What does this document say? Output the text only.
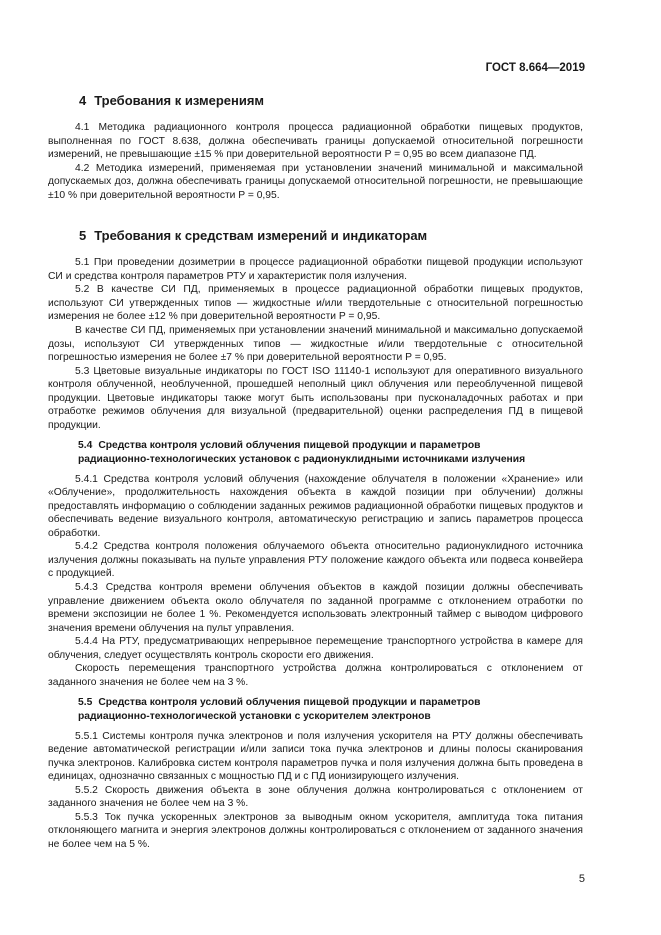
ГОСТ 8.664—2019
4 Требования к измерениям

4.1 Методика радиационного контроля процесса радиационной обработки пищевых продуктов, выполненная по ГОСТ 8.638, должна обеспечивать границы допускаемой относительной погрешности измерений, не превышающие ±15 % при доверительной вероятности P = 0,95 во всем диапазоне ПД.

4.2 Методика измерений, применяемая при установлении значений минимальной и максимальной допускаемых доз, должна обеспечивать границы допускаемой относительной погрешности, не превышающие ±10 % при доверительной вероятности P = 0,95.

5 Требования к средствам измерений и индикаторам

5.1 При проведении дозиметрии в процессе радиационной обработки пищевой продукции используют СИ и средства контроля параметров РТУ и характеристик поля излучения.

5.2 В качестве СИ ПД, применяемых в процессе радиационной обработки пищевых продуктов, используют СИ утвержденных типов — жидкостные и/или твердотельные с относительной погрешностью измерения не более ±12 % при доверительной вероятности P = 0,95.

В качестве СИ ПД, применяемых при установлении значений минимальной и максимально допускаемой дозы, используют СИ утвержденных типов — жидкостные и/или твердотельные с относительной погрешностью измерения не более ±7 % при доверительной вероятности P = 0,95.

5.3 Цветовые визуальные индикаторы по ГОСТ ISO 11140-1 используют для оперативного визуального контроля облученной, необлученной, прошедшей неполный цикл облучения или переоблученной пищевой продукции. Цветовые индикаторы также могут быть использованы при пусконаладочных работах и при отработке режимов облучения для визуальной (предварительной) оценки распределения ПД в пищевой продукции.

5.4 Средства контроля условий облучения пищевой продукции и параметров
радиационно-технологических установок с радионуклидными источниками излучения

5.4.1 Средства контроля условий облучения (нахождение облучателя в положении «Хранение» или «Облучение», продолжительность нахождения объекта в каждой позиции при облучении) должны предоставлять информацию о соблюдении заданных режимов радиационной обработки пищевых продуктов и обеспечивать ведение визуального контроля, автоматическую регистрацию и запись параметров процесса обработки.

5.4.2 Средства контроля положения облучаемого объекта относительно радионуклидного источника излучения должны показывать на пульте управления РТУ положение каждого объекта или подвеса конвейера с продукцией.

5.4.3 Средства контроля времени облучения объектов в каждой позиции должны обеспечивать управление движением объекта около облучателя по заданной программе с отклонением отработки по времени экспозиции не более 1 %. Рекомендуется использовать электронный таймер с выводом цифрового значения времени облучения на пульт управления.

5.4.4 На РТУ, предусматривающих непрерывное перемещение транспортного устройства в камере для облучения, следует осуществлять контроль скорости его движения.

Скорость перемещения транспортного устройства должна контролироваться с отклонением от заданного значения не более чем на 3 %.

5.5 Средства контроля условий облучения пищевой продукции и параметров
радиационно-технологической установки с ускорителем электронов

5.5.1 Системы контроля пучка электронов и поля излучения ускорителя на РТУ должны обеспечивать ведение автоматической регистрации и/или записи тока пучка электронов и длины полосы сканирования пучка электронов. Калибровка систем контроля параметров пучка и поля излучения должна быть проведена в единицах, однозначно связанных с мощностью ПД и с ПД ионизирующего излучения.

5.5.2 Скорость движения объекта в зоне облучения должна контролироваться с отклонением от заданного значения не более чем на 3 %.

5.5.3 Ток пучка ускоренных электронов за выводным окном ускорителя, амплитуда тока питания отклоняющего магнита и энергия электронов должны контролироваться с отклонением от заданного значения не более чем на 5 %.

5
